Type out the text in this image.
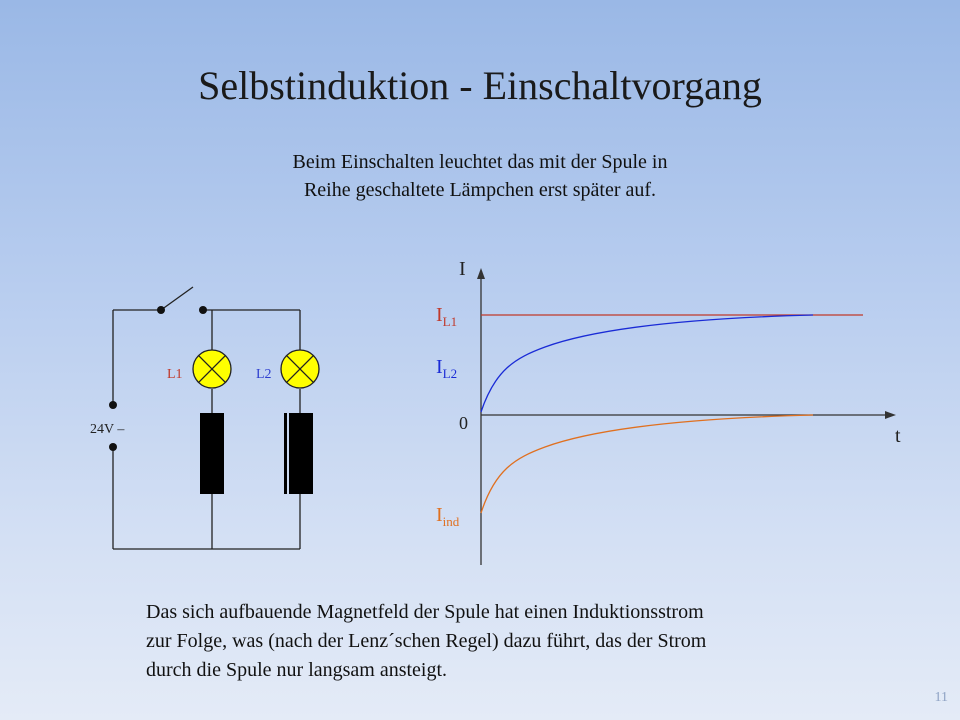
Selbstinduktion - Einschaltvorgang
Beim Einschalten leuchtet das mit der Spule in
Reihe geschaltete Lämpchen erst später auf.
24V –
L1	L2
I
t
0
$I_{L1}$
$I_{L2}$
$I_{ind}$
Das sich aufbauende Magnetfeld der Spule hat einen Induktionsstrom
zur Folge, was (nach der Lenz´schen Regel) dazu führt, das der Strom
durch die Spule nur langsam ansteigt.
11
